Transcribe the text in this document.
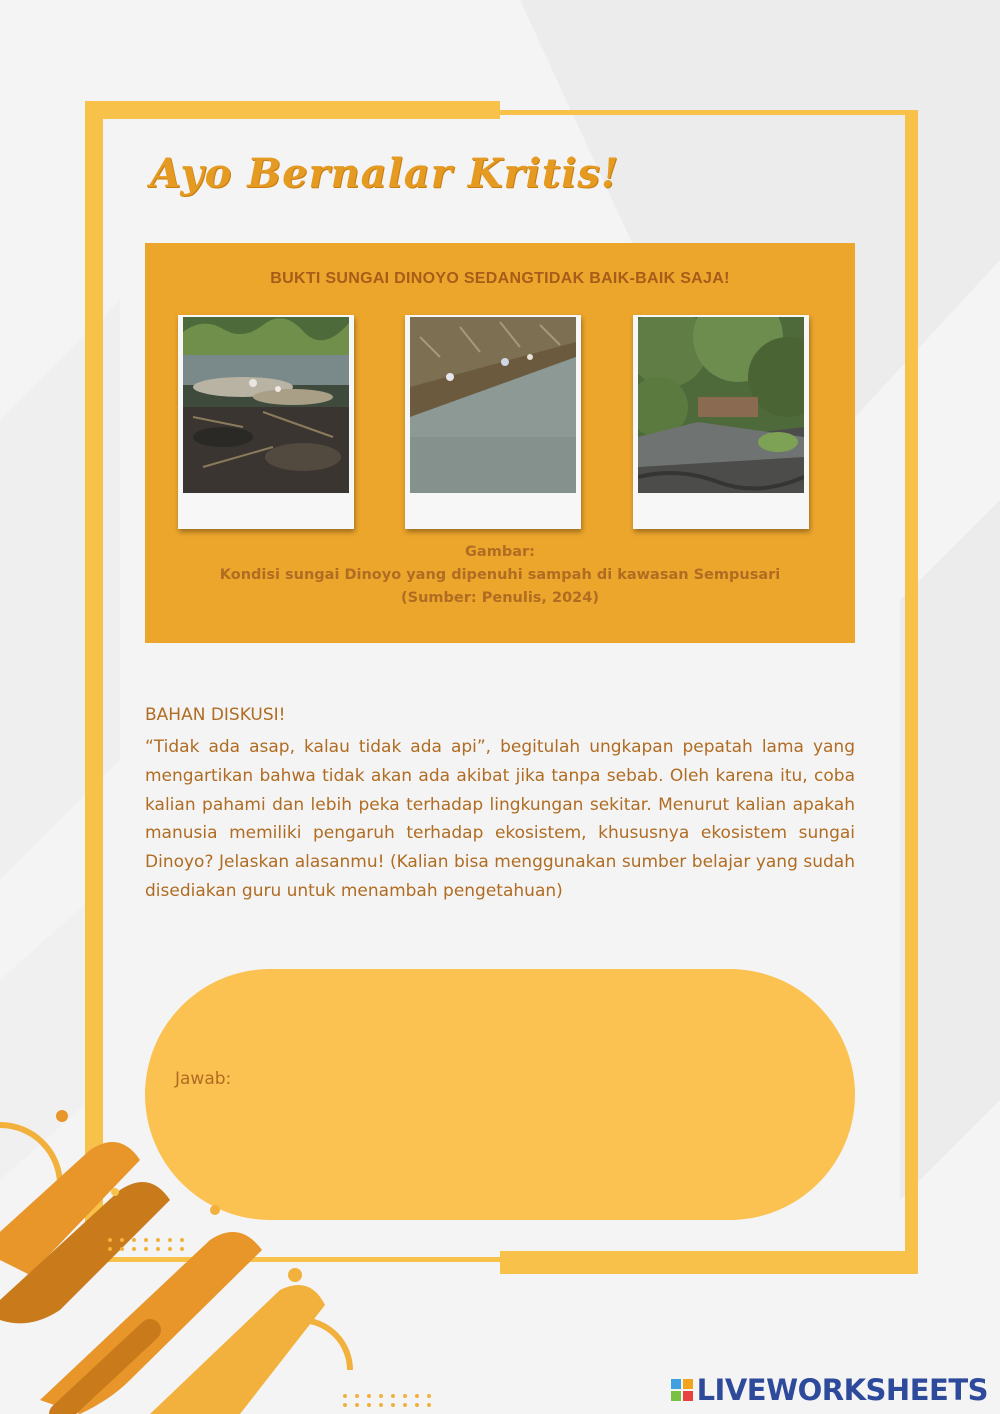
Ayo Bernalar Kritis!
BUKTI SUNGAI DINOYO SEDANGTIDAK BAIK-BAIK SAJA!
Gambar:
Kondisi sungai Dinoyo yang dipenuhi sampah di kawasan Sempusari
(Sumber: Penulis, 2024)
BAHAN DISKUSI!
“Tidak ada asap, kalau tidak ada api”, begitulah ungkapan pepatah lama yang mengartikan bahwa tidak akan ada akibat jika tanpa sebab. Oleh karena itu, coba kalian pahami dan lebih peka terhadap lingkungan sekitar. Menurut kalian apakah manusia memiliki pengaruh terhadap ekosistem, khususnya ekosistem sungai Dinoyo? Jelaskan alasanmu! (Kalian bisa menggunakan sumber belajar yang sudah disediakan guru untuk menambah pengetahuan)
Jawab:
LIVEWORKSHEETS
